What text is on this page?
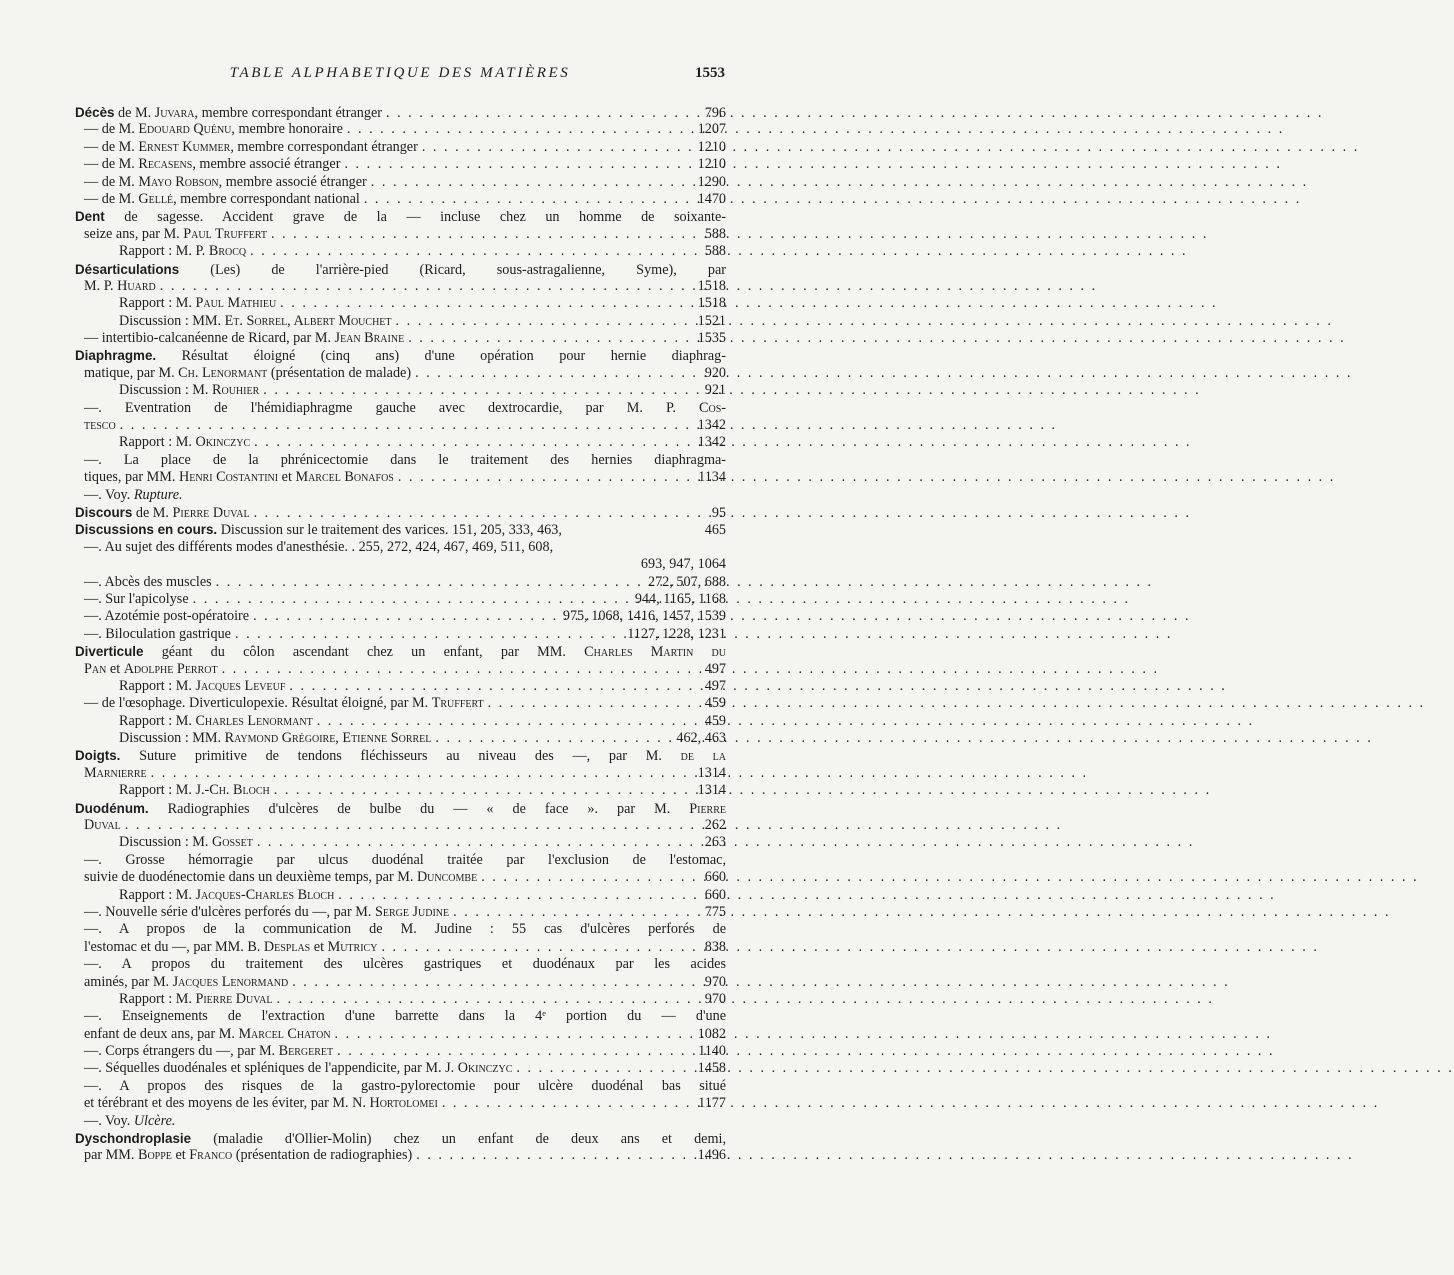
TABLE ALPHABETIQUE DES MATIÈRES	1553
Décès de M. Juvara, membre correspondant étranger . . .	796
— de M. Edouard Quénu, membre honoraire . . .	1207
— de M. Ernest Kummer, membre correspondant étranger . . .	1210
— de M. Recasens, membre associé étranger . . .	1210
— de M. Mayo Robson, membre associé étranger . . .	1290
— de M. Gellé, membre correspondant national . . .	1470
Dent de sagesse. Accident grave de la — incluse chez un homme de soixante-
seize ans, par M. Paul Truffert . . .	588
Rapport : M. P. Brocq . . .	588
Désarticulations (Les) de l'arrière-pied (Ricard, sous-astragalienne, Syme), par
M. P. Huard . . .	1518
Rapport : M. Paul Mathieu . . .	1518
Discussion : MM. Et. Sorrel, Albert Mouchet . . .	1521
— intertibio-calcanéenne de Ricard, par M. Jean Braine . . .	1535
Diaphragme. Résultat éloigné (cinq ans) d'une opération pour hernie diaphrag-
matique, par M. Ch. Lenormant (présentation de malade) . . .	920
Discussion : M. Rouhier . . .	921
—. Eventration de l'hémidiaphragme gauche avec dextrocardie, par M. P. Cos-
tesco . . .	1342
Rapport : M. Okinczyc . . .	1342
—. La place de la phrénicectomie dans le traitement des hernies diaphragma-
tiques, par MM. Henri Costantini et Marcel Bonafos . . .	1134
—. Voy. Rupture.
Discours de M. Pierre Duval . . .	95
Discussions en cours. Discussion sur le traitement des varices. 151, 205, 333, 463,	465
—. Au sujet des différents modes d'anesthésie. . 255, 272, 424, 467, 469, 511, 608,
693, 947, 1064
—. Abcès des muscles . . .	272, 507, 688
—. Sur l'apicolyse . . .	944, 1165, 1168
—. Azotémie post-opératoire . . .	975, 1068, 1416, 1457, 1539
—. Biloculation gastrique . . .	1127, 1228, 1231
Diverticule géant du côlon ascendant chez un enfant, par MM. Charles Martin du
Pan et Adolphe Perrot . . .	497
Rapport : M. Jacques Leveuf . . .	497
— de l'œsophage. Diverticulopexie. Résultat éloigné, par M. Truffert . . .	459
Rapport : M. Charles Lenormant . . .	459
Discussion : MM. Raymond Grégoire, Etienne Sorrel . . .	462, 463
Doigts. Suture primitive de tendons fléchisseurs au niveau des —, par M. de la
Marnierre . . .	1314
Rapport : M. J.-Ch. Bloch . . .	1314
Duodénum. Radiographies d'ulcères de bulbe du — « de face ». par M. Pierre
Duval . . .	262
Discussion : M. Gosset . . .	263
—. Grosse hémorragie par ulcus duodénal traitée par l'exclusion de l'estomac,
suivie de duodénectomie dans un deuxième temps, par M. Duncombe . . .	660
Rapport : M. Jacques-Charles Bloch . . .	660
—. Nouvelle série d'ulcères perforés du —, par M. Serge Judine . . .	775
—. A propos de la communication de M. Judine : 55 cas d'ulcères perforés de
l'estomac et du —, par MM. B. Desplas et Mutricy . . .	838
—. A propos du traitement des ulcères gastriques et duodénaux par les acides
aminés, par M. Jacques Lenormand . . .	970
Rapport : M. Pierre Duval . . .	970
—. Enseignements de l'extraction d'une barrette dans la 4ᵉ portion du — d'une
enfant de deux ans, par M. Marcel Chaton . . .	1082
—. Corps étrangers du —, par M. Bergeret . . .	1140
—. Séquelles duodénales et spléniques de l'appendicite, par M. J. Okinczyc . . .	1458
—. A propos des risques de la gastro-pylorectomie pour ulcère duodénal bas situé
et térébrant et des moyens de les éviter, par M. N. Hortolomei . . .	1177
—. Voy. Ulcère.
Dyschondroplasie (maladie d'Ollier-Molin) chez un enfant de deux ans et demi,
par MM. Boppe et Franco (présentation de radiographies) . . .	1496
